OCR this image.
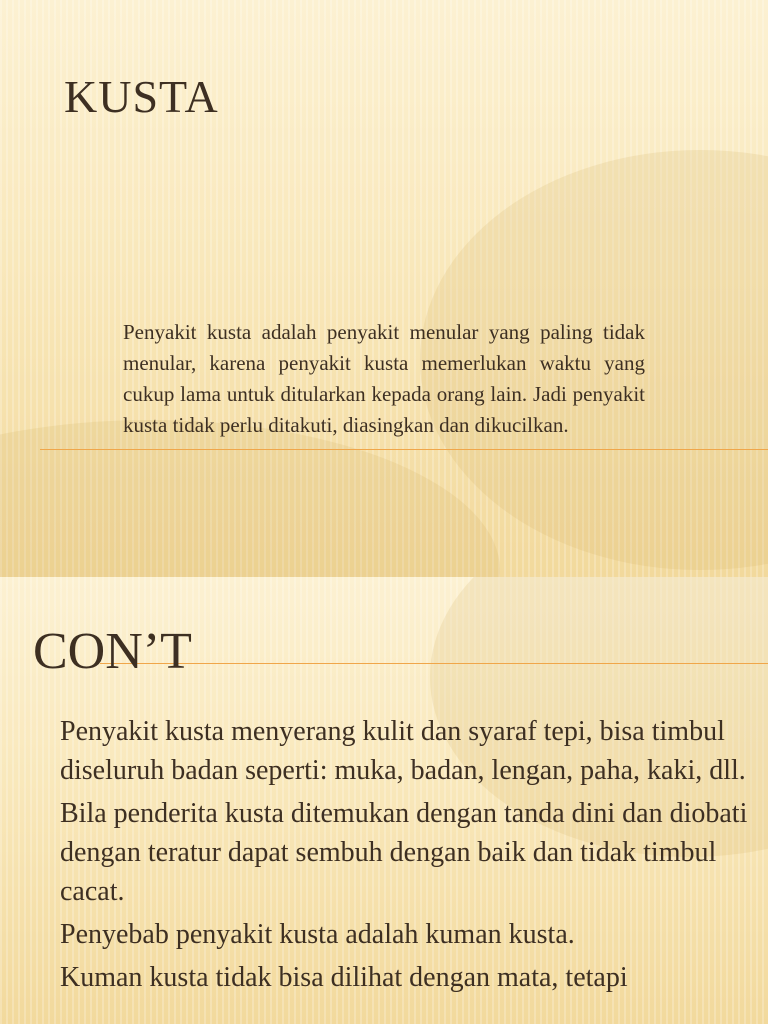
KUSTA

Penyakit kusta adalah penyakit menular yang paling tidak menular, karena penyakit kusta memerlukan waktu yang cukup lama untuk ditularkan kepada orang lain. Jadi penyakit kusta tidak perlu ditakuti, diasingkan dan dikucilkan.

CON’T
Penyakit kusta menyerang kulit dan syaraf tepi, bisa timbul diseluruh badan seperti: muka, badan, lengan, paha, kaki, dll.
Bila penderita kusta ditemukan dengan tanda dini dan diobati dengan teratur dapat sembuh dengan baik dan tidak timbul cacat.
Penyebab penyakit kusta adalah kuman kusta.
Kuman kusta tidak bisa dilihat dengan mata, tetapi
